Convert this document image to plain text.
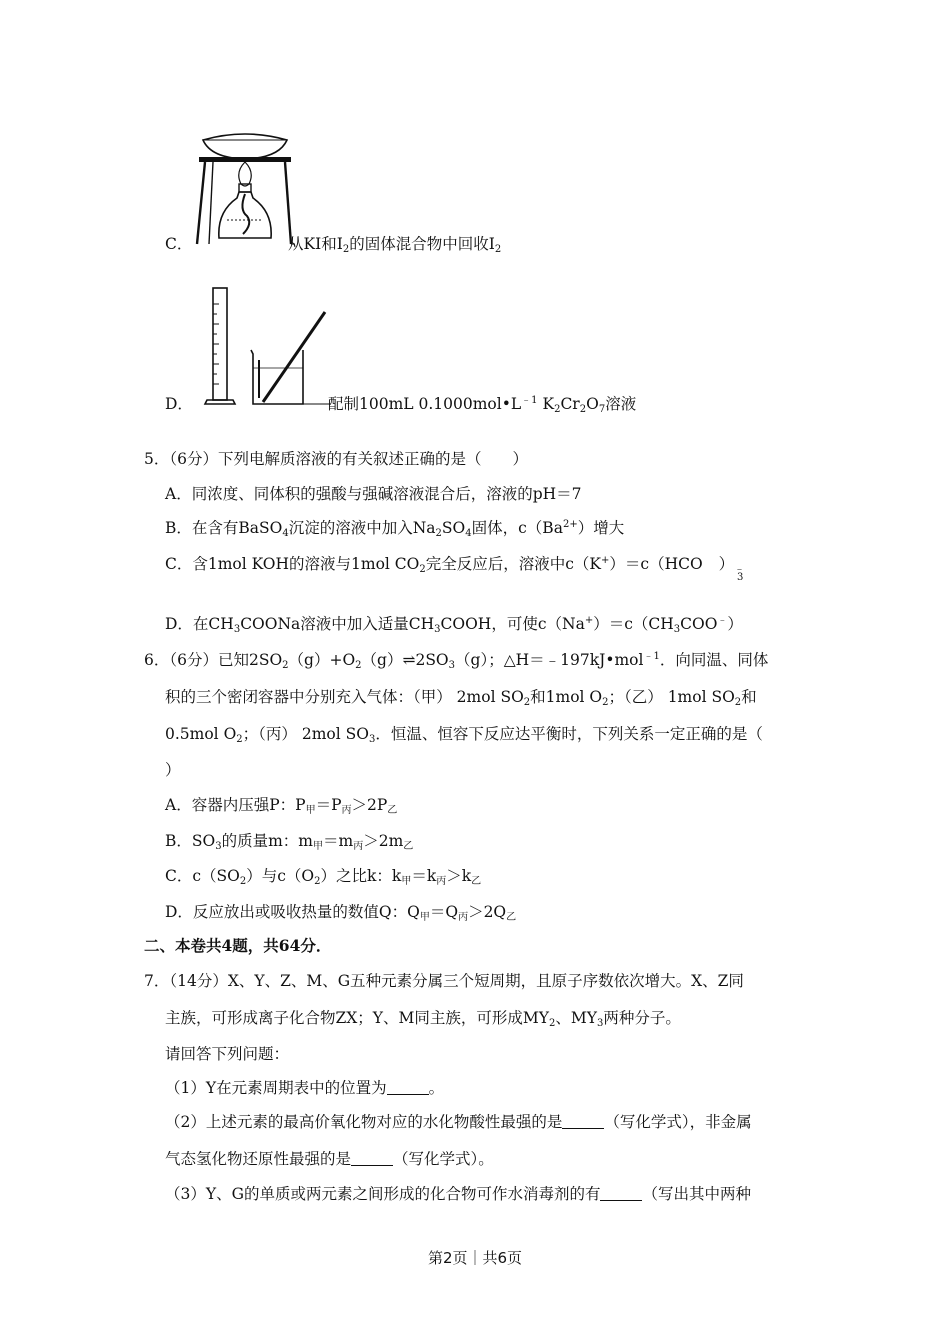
C．	从KI和$I_2$的固体混合物中回收$I_2$
D．	配制100mL $0.1000mol•L^{﹣1}$ $K_2Cr_2O_7$溶液
5．（6分）下列电解质溶液的有关叙述正确的是（　　）
A．同浓度、同体积的强酸与强碱溶液混合后，溶液的pH＝7
B．在含有BaSO$_4$沉淀的溶液中加入$Na_2SO_4$固体，$c(Ba^{2+})$增大
C．含1mol KOH的溶液与1mol $CO_2$完全反应后，溶液中c（K+）＝c（HCO ） ﹣
3
D．在$CH_3COONa$溶液中加入适量$CH_3COOH$，可使$c(Na^+)=c(CH_3COO^﹣)$
6．（6分）已知$2SO_2(g)+O_2(g)\rightleftharpoons 2SO_3(g)$；△H＝﹣197kJ•mol$^{﹣1}$．向同温、同体
积的三个密闭容器中分别充入气体：（甲） 2mol $SO_2$和1mol $O_2$；（乙） 1mol $SO_2$和
0.5mol $O_2$；（丙） 2mol $SO_3$．恒温、恒容下反应达平衡时，下列关系一定正确的是（
）
A．容器内压强P：$P_甲=P_丙>2P_乙$
B．$SO_3$的质量m：$m_甲=m_丙>2m_乙$
C．$c(SO_2)$与$c(O_2)$之比k：$k_甲=k_丙>k_乙$
D．反应放出或吸收热量的数值Q：$Q_甲=Q_丙>2Q_乙$
二、本卷共4题，共64分．
7．（14分）X、Y、Z、M、G五种元素分属三个短周期，且原子序数依次增大。X、Z同
主族，可形成离子化合物ZX；Y、M同主族，可形成$MY_2$、$MY_3$两种分子。
请回答下列问题：
（1）Y在元素周期表中的位置为	。
（2）上述元素的最高价氧化物对应的水化物酸性最强的是	（写化学式），非金属
气态氢化物还原性最强的是	（写化学式）。
（3）Y、G的单质或两元素之间形成的化合物可作水消毒剂的有	（写出其中两种
第2页｜共6页
